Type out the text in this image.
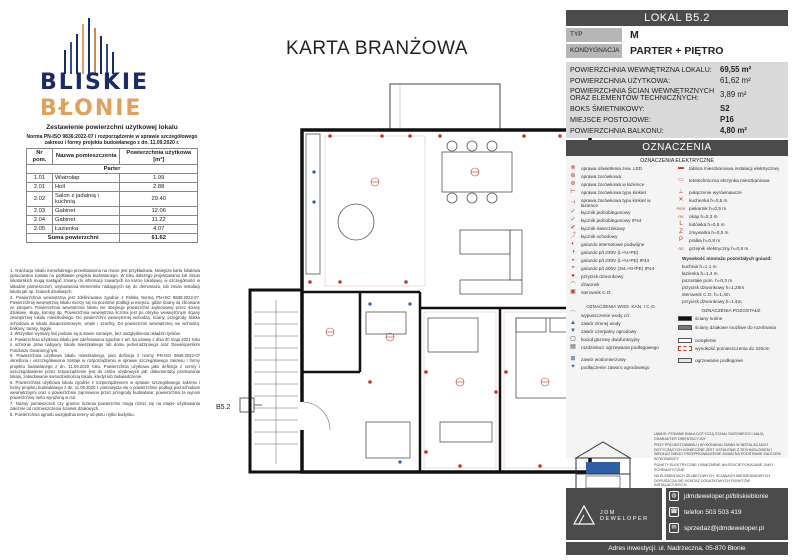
BLISKIE
BŁONIE
KARTA BRANŻOWA
Zestawienie powierzchni użytkowej lokalu
Norma PN-ISO 9836:2022-07 i rozporządzenie w sprawie szczegółowego zakresu i formy projektu budowlanego z dn. 11.09.2020 r.
Nr pom.	Nazwa pomieszczenia	Powierzchnia użytkowa [m²]
Parter		
1.01	Wiatrołap	1.99
2.01	Holl	2.88
2.02	Salon z jadalnią i kuchnią	29.40
2.03	Gabinet	12.06
2.04	Gabinet	11.22
2.05	Łazienka	4.07
Suma powierzchni		61.62

1. Aranżacja lokalu mieszkalnego przedstawiona na rzucie jest przykładowa. Niniejsza karta lokalowa opracowana została na podstawie projektu budowlanego. W toku dalszego projektowania lub zmian lokatorskich mogą nastąpić zmiany do informacji zawartych na karcie lokalowej, w szczególności w układzie pomieszczeń, usytuowania elementów nadających się do demontażu, lub zmian instalacji lokalu jak np. ścianek działowych.

2. Powierzchnia wewnętrzna jest zdefiniowana zgodnie z Polską Normą PN-ISO 9836:2022-07. Powierzchnię wewnętrzną lokalu mierzy się na poziomie podłogi w miejscu, gdzie ściany są zlicowane ze stropem. Powierzchnia wewnętrzna lokalu nie obejmuje powierzchni zajmowanej przez ściany działowe, słupy, kominy itp. Powierzchnia wewnętrzna liczona jest po obrysie wewnętrznym ściany zewnętrznej lokalu mieszkalnego. Do powierzchni wewnętrznej wchodzą: ściany, przegrody, klatka schodowa w lokalu dwupoziomowym, wnęki i szachty. Do powierzchni wewnętrznej nie wchodzą: balkony, tarasy, loggie.

3. Wszystkie wymiary linii podane są w stanie surowym, bez uwzględnienia okładzin tynków.

4. Powierzchnia użytkowa lokalu jest zdefiniowana zgodnie z art. 5a ustawy z dnia 20 maja 2021 roku o ochronie praw nabywcy lokalu mieszkalnego lub domu jednorodzinnego oraz Deweloperskim Funduszu Gwarancyjnym.

5. Powierzchnia użytkowa lokalu mieszkalnego, jako definicja z normy PN-ISO 9836:2022-07 określona i uszczegółowiona zostaje w rozporządzeniu w sprawie szczegółowego zakresu i formy projektu budowlanego z dn. 11.09.2020 roku. Powierzchnia użytkowa jako definicja z normy i uszczegółowienie przez rozporządzenie jest do celów użytkowych jak: dokumentacji przekazania lokalu, zabudowanie samodzielnością lokalu, kredyt lub zaświadczenie.

6. Powierzchnia użytkowa lokalu zgodnie z rozporządzeniem w sprawie szczegółowego zakresu i formy projektu budowlanego z dn. 11.09.2020 r. pomniejsza się o powierzchnie podłogi pod schodami wewnętrznymi oraz o powierzchnie zajmowane przez przegrody budowlane; powierzchnia ta wynosi powierzchnię netto wyrażoną w m2.

7. Nazwy pomieszczeń czy granice liczenia powierzchni mogą różnić się na etapie użytkowania zależnie od rozmieszczenia ścianek działowych.

8. Powierzchnia ogrodu uwzględnia tereny od płotu i tylko budynku.

B5.2
LOKAL B5.2
TYP	M
KONDYGNACJA	PARTER + PIĘTRO
POWIERZCHNIA WEWNĘTRZNA LOKALU:	69,55 m²
POWIERZCHNIA UŻYTKOWA:	61,62 m²
POWIERZCHNIA ŚCIAN WEWNĘTRZNYCH ORAZ ELEMENTÓW TECHNICZNYCH:	3,89 m²
BOKS ŚMIETNIKOWY:	S2
MIEJSCE POSTOJOWE:	P16
POWIERZCHNIA BALKONU:	4,80 m²
OZNACZENIA
OZNACZENIA ELEKTRYCZNE
⊗	oprawa oświetlenia zew. LED
⊕	oprawa żarówkowa
⊛	oprawa żarówkowa w łazience
⊢	oprawa żarówkowa typu kinkiet
⊣	oprawa żarówkowa typu kinkiet w łazience
✓	łącznik jednobiegunowy
✓	łącznik jednobiegunowy IP44
✔	łącznik świecznikowy
⤴	łącznik schodowy
◐	gniazdo internetowe podwójne
◑	gniazdo p/t 230V (L+N+PE)
◒	gniazdo p/t 230V (L+N+PE) IP44
◓	gniazdo p/t 400V (3xL+N+PE) IP44
●	przycisk dzwonkowy
◠	dzwonek
▣	sterownik C.O.
▬	tablica mieszkaniowa instalacji elektrycznej
▭	teletechniczna skrzynka mieszkaniowa
⊥	połączenie wyrównawcze
✕	kuchenka h=0,5 m
PIEK piekarnik h=0,5 m
OK	okap h=2,3 m
L	lodówka h=0,5 m
Z	zmywarka h=0,5 m
P	pralka h=0,8 m
GE	grzejnik elektryczny h=0,8 m
Wysokość montażu pozostałych gniazd:
kuchnia h=1,1 m
łazienka h=1,4 m
pozostałe pom. h=0,3 m
przycisk dzwonkowy h=1,25m
sterownik C.O. h=1,4m
przycisk dzwonkowy h=1,4m
OZNACZENIA WOD. KAN. I C.O.
⌒	wypuszczenie wody c/z
▲	zawór zimnej wody
▼	zawór czerpalny ogrodowy
▢	kocioł gazowy dwufunkcyjny
▤	rozdzielacz ogrzewania podłogowego
⊠	zawór wodomierzowy
✦	podłączenie zaworu ogrodowego
OZNACZENIA POZOSTAŁE
ściany nośne
ściany działowe możliwe do rozebrania
ocieplenie
wysokość pomieszczenia do 220cm
ogrzewanie podłogowe

UWAGI: PODANE BIAŁA DOTYCZĄ STANU SUROWEGO I MAJĄ CHARAKTER ORIENTACYJNY

PRZY PROJEKTOWANIU I WYKONANIU ZMIAN W INSTALACJACH DOTYCZĄCYCH KONIECZNE JEST USTALENIE Z TECHNOLOGIEM I WEDŁUG NIEGO PRZEPROWADZENIE ZMIAN NA PODSTAWIE ZALECEŃ WYKONAWCY

PUNKTY ELEKTRYCZNE I SANITARNE NA RZUCIE POKAZANE JAKO SCHEMATYCZNE

NA ELEMENTACH ŻELBETOWYCH, ŚCIANACH MIESZKANIOWYCH DOPUSZCZA SIĘ MONTAŻ DODATKOWYCH PUNKTÓW INSTALACYJNYCH

JDM DEWELOPER
◍	jdmdeweloper.pl/bliskieblonie
☎ telefon 503 503 419
✉	sprzedaz@jdmdeweloper.pl
Adres inwestycji: ul. Nadrzeczna, 05-870 Błonie
